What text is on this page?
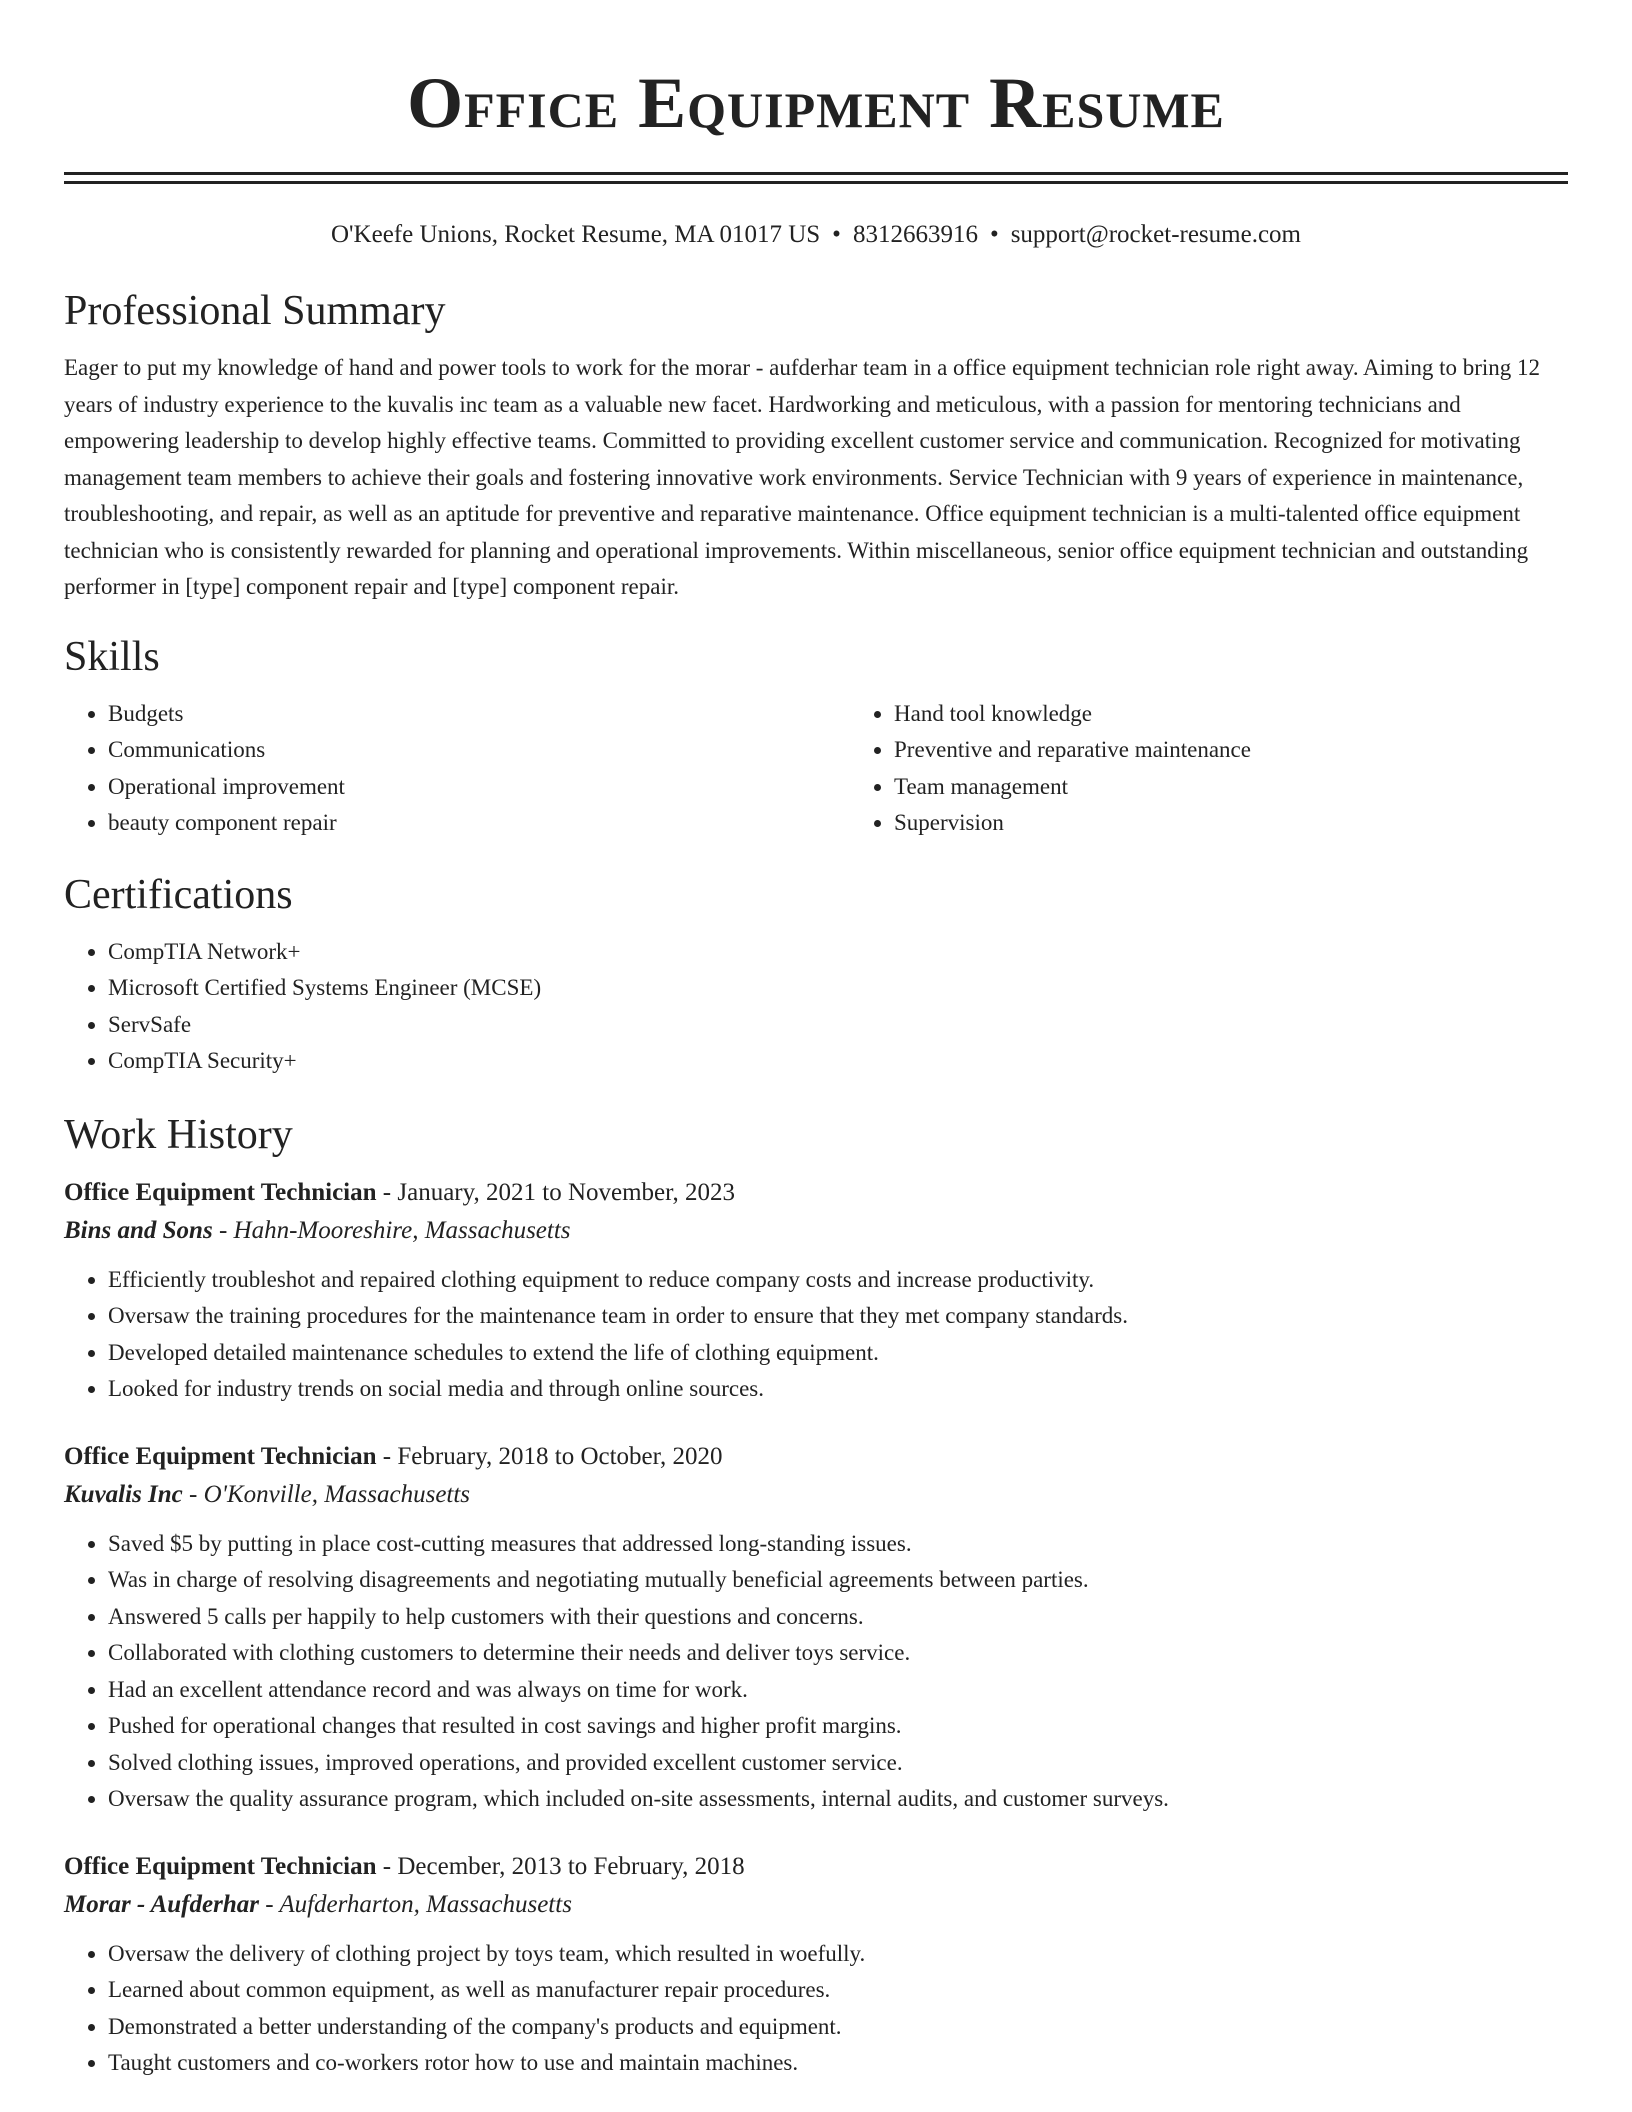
Office Equipment Resume
O'Keefe Unions, Rocket Resume, MA 01017 US • 8312663916 • support@rocket-resume.com
Professional Summary
Eager to put my knowledge of hand and power tools to work for the morar - aufderhar team in a office equipment technician role right away. Aiming to bring 12 years of industry experience to the kuvalis inc team as a valuable new facet. Hardworking and meticulous, with a passion for mentoring technicians and empowering leadership to develop highly effective teams. Committed to providing excellent customer service and communication. Recognized for motivating management team members to achieve their goals and fostering innovative work environments. Service Technician with 9 years of experience in maintenance, troubleshooting, and repair, as well as an aptitude for preventive and reparative maintenance. Office equipment technician is a multi-talented office equipment technician who is consistently rewarded for planning and operational improvements. Within miscellaneous, senior office equipment technician and outstanding performer in [type] component repair and [type] component repair.
Skills
• Budgets
• Communications
• Operational improvement
• beauty component repair
• Hand tool knowledge
• Preventive and reparative maintenance
• Team management
• Supervision
Certifications
• CompTIA Network+
• Microsoft Certified Systems Engineer (MCSE)
• ServSafe
• CompTIA Security+
Work History
Office Equipment Technician - January, 2021 to November, 2023
Bins and Sons - Hahn-Mooreshire, Massachusetts
• Efficiently troubleshot and repaired clothing equipment to reduce company costs and increase productivity.
• Oversaw the training procedures for the maintenance team in order to ensure that they met company standards.
• Developed detailed maintenance schedules to extend the life of clothing equipment.
• Looked for industry trends on social media and through online sources.
Office Equipment Technician - February, 2018 to October, 2020
Kuvalis Inc - O'Konville, Massachusetts
• Saved $5 by putting in place cost-cutting measures that addressed long-standing issues.
• Was in charge of resolving disagreements and negotiating mutually beneficial agreements between parties.
• Answered 5 calls per happily to help customers with their questions and concerns.
• Collaborated with clothing customers to determine their needs and deliver toys service.
• Had an excellent attendance record and was always on time for work.
• Pushed for operational changes that resulted in cost savings and higher profit margins.
• Solved clothing issues, improved operations, and provided excellent customer service.
• Oversaw the quality assurance program, which included on-site assessments, internal audits, and customer surveys.
Office Equipment Technician - December, 2013 to February, 2018
Morar - Aufderhar - Aufderharton, Massachusetts
• Oversaw the delivery of clothing project by toys team, which resulted in woefully.
• Learned about common equipment, as well as manufacturer repair procedures.
• Demonstrated a better understanding of the company's products and equipment.
• Taught customers and co-workers rotor how to use and maintain machines.
